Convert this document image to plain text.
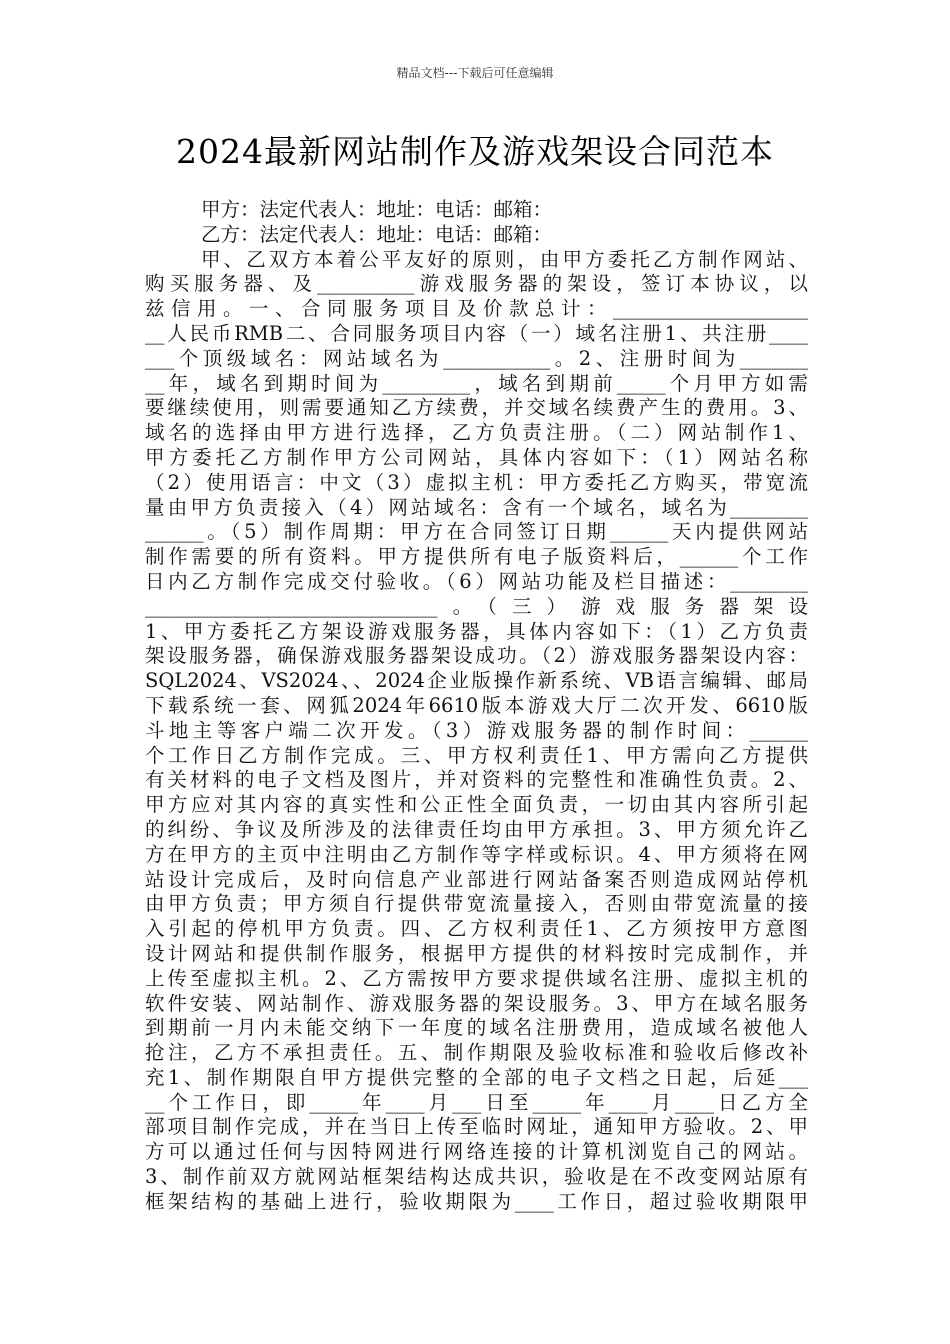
精品文档---下载后可任意编辑
2024最新网站制作及游戏架设合同范本
甲方：法定代表人：地址：电话：邮箱：
乙方：法定代表人：地址：电话：邮箱：
甲、乙双方本着公平友好的原则，由甲方委托乙方制作网站、
购买服务器、及__________游戏服务器的架设，签订本协议，以
兹信用。一、合同服务项目及价款总计：____________________
__人民币RMB二、合同服务项目内容（一）域名注册1、共注册____
___个顶级域名：网站域名为___________。2、注册时间为_______
__年，域名到期时间为_________，域名到期前_____个月甲方如需
要继续使用，则需要通知乙方续费，并交域名续费产生的费用。3、
域名的选择由甲方进行选择，乙方负责注册。（二）网站制作1、
甲方委托乙方制作甲方公司网站，具体内容如下：（1）网站名称
（2）使用语言：中文（3）虚拟主机：甲方委托乙方购买，带宽流
量由甲方负责接入（4）网站域名：含有一个域名，域名为________
______。（5）制作周期：甲方在合同签订日期______天内提供网站
制作需要的所有资料。甲方提供所有电子版资料后，______个工作
日内乙方制作完成交付验收。（6）网站功能及栏目描述：________
______________________________。（三）游戏服务器架设
1、甲方委托乙方架设游戏服务器，具体内容如下：（1）乙方负责
架设服务器，确保游戏服务器架设成功。（2）游戏服务器架设内容：
SQL2024、VS2024、、2024企业版操作新系统、VB语言编辑、邮局
下载系统一套、网狐2024年6610版本游戏大厅二次开发、6610版
斗地主等客户端二次开发。（3）游戏服务器的制作时间：______
个工作日乙方制作完成。三、甲方权利责任1、甲方需向乙方提供
有关材料的电子文档及图片，并对资料的完整性和准确性负责。2、
甲方应对其内容的真实性和公正性全面负责，一切由其内容所引起
的纠纷、争议及所涉及的法律责任均由甲方承担。3、甲方须允许乙
方在甲方的主页中注明由乙方制作等字样或标识。4、甲方须将在网
站设计完成后，及时向信息产业部进行网站备案否则造成网站停机
由甲方负责；甲方须自行提供带宽流量接入，否则由带宽流量的接
入引起的停机甲方负责。四、乙方权利责任1、乙方须按甲方意图
设计网站和提供制作服务，根据甲方提供的材料按时完成制作，并
上传至虚拟主机。2、乙方需按甲方要求提供域名注册、虚拟主机的
软件安装、网站制作、游戏服务器的架设服务。3、甲方在域名服务
到期前一月内未能交纳下一年度的域名注册费用，造成域名被他人
抢注，乙方不承担责任。五、制作期限及验收标准和验收后修改补
充1、制作期限自甲方提供完整的全部的电子文档之日起，后延___
__个工作日，即_____年____月___日至_____年____月____日乙方全
部项目制作完成，并在当日上传至临时网址，通知甲方验收。2、甲
方可以通过任何与因特网进行网络连接的计算机浏览自己的网站。
3、制作前双方就网站框架结构达成共识，验收是在不改变网站原有
框架结构的基础上进行，验收期限为____工作日，超过验收期限甲
